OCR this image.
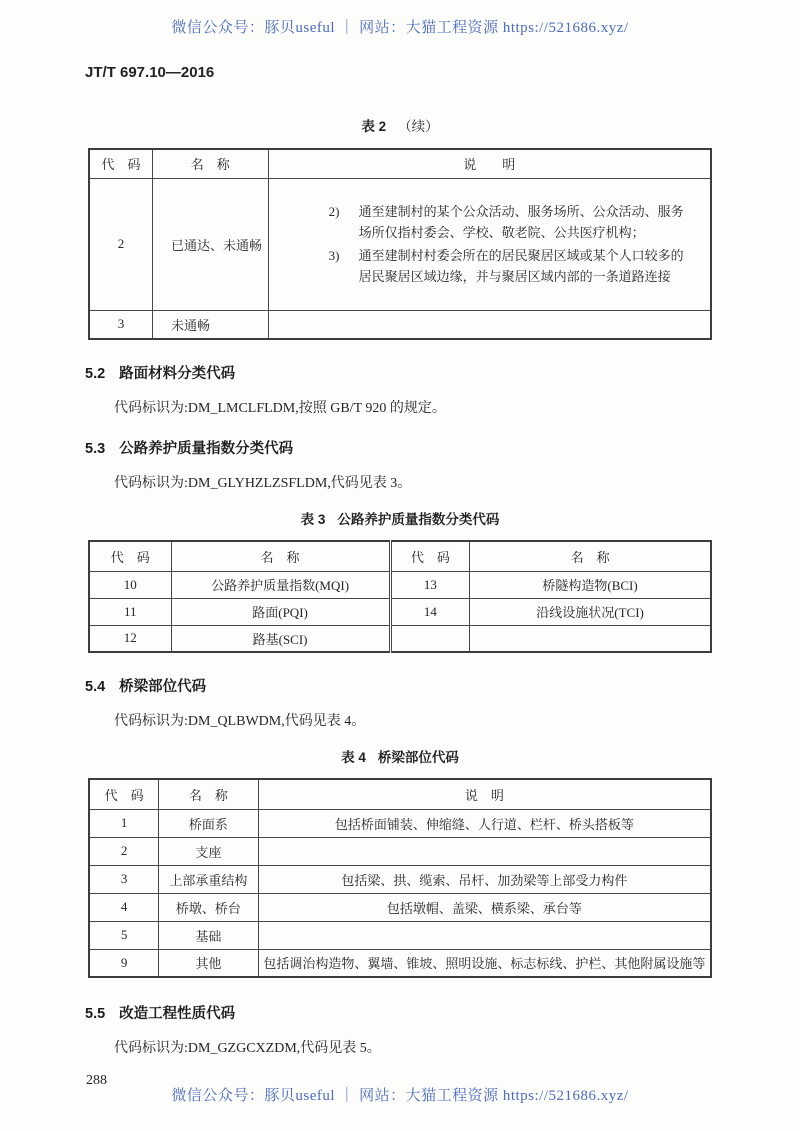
微信公众号：豚贝useful ｜ 网站：大猫工程资源 https://521686.xyz/
JT/T 697.10—2016
表 2 （续）
代　码	名　称	说　　明
2	已通达、未通畅	2) 通至建制村的某个公众活动、服务场所、公众活动、服务场所仅指村委会、学校、敬老院、公共医疗机构；
3) 通至建制村村委会所在的居民聚居区域或某个人口较多的居民聚居区域边缘，并与聚居区域内部的一条道路连接

3	未通畅	
5.2 路面材料分类代码

代码标识为:DM_LMCLFLDM,按照 GB/T 920 的规定。

5.3 公路养护质量指数分类代码

代码标识为:DM_GLYHZLZSFLDM,代码见表 3。

表 3 公路养护质量指数分类代码
代　码	名　称	代　码	名　称
10	公路养护质量指数(MQI)	13	桥隧构造物(BCI)
11	路面(PQI)	14	沿线设施状况(TCI)
12	路基(SCI)		
5.4 桥梁部位代码

代码标识为:DM_QLBWDM,代码见表 4。

表 4 桥梁部位代码
代　码	名　称	说　明
1	桥面系	包括桥面铺装、伸缩缝、人行道、栏杆、桥头搭板等
2	支座	
3	上部承重结构	包括梁、拱、缆索、吊杆、加劲梁等上部受力构件
4	桥墩、桥台	包括墩帽、盖梁、横系梁、承台等
5	基础	
9	其他	包括调治构造物、翼墙、锥坡、照明设施、标志标线、护栏、其他附属设施等
5.5 改造工程性质代码

代码标识为:DM_GZGCXZDM,代码见表 5。

288
微信公众号：豚贝useful ｜ 网站：大猫工程资源 https://521686.xyz/
